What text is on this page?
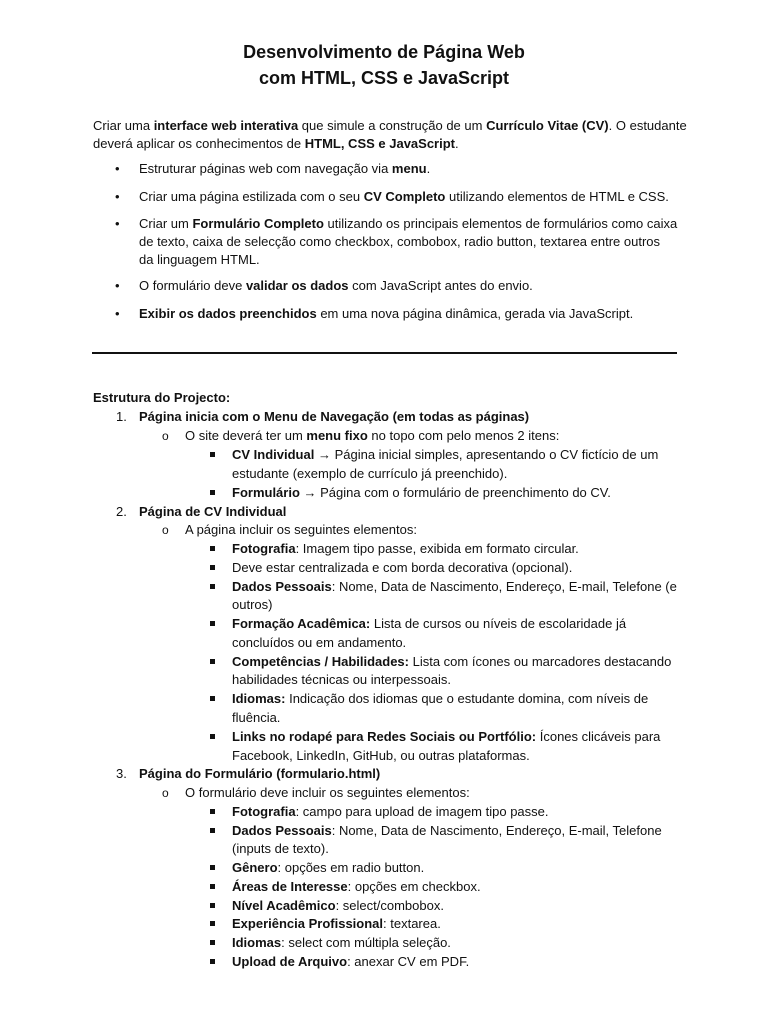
Desenvolvimento de Página Web
com HTML, CSS e JavaScript

Criar uma interface web interativa que simule a construção de um Currículo Vitae (CV). O estudante
deverá aplicar os conhecimentos de HTML, CSS e JavaScript.

• Estruturar páginas web com navegação via menu.
• Criar uma página estilizada com o seu CV Completo utilizando elementos de HTML e CSS.
• Criar um Formulário Completo utilizando os principais elementos de formulários como caixa
de texto, caixa de selecção como checkbox, combobox, radio button, textarea entre outros
da linguagem HTML.
• O formulário deve validar os dados com JavaScript antes do envio.
• Exibir os dados preenchidos em uma nova página dinâmica, gerada via JavaScript.
Estrutura do Projecto:
1. Página inicia com o Menu de Navegação (em todas as páginas)
o O site deverá ter um menu fixo no topo com pelo menos 2 itens:
CV Individual → Página inicial simples, apresentando o CV fictício de um
estudante (exemplo de currículo já preenchido).
Formulário → Página com o formulário de preenchimento do CV.
2. Página de CV Individual
o A página incluir os seguintes elementos:
Fotografia: Imagem tipo passe, exibida em formato circular.
Deve estar centralizada e com borda decorativa (opcional).
Dados Pessoais: Nome, Data de Nascimento, Endereço, E-mail, Telefone (e
outros)
Formação Acadêmica: Lista de cursos ou níveis de escolaridade já
concluídos ou em andamento.
Competências / Habilidades: Lista com ícones ou marcadores destacando
habilidades técnicas ou interpessoais.
Idiomas: Indicação dos idiomas que o estudante domina, com níveis de
fluência.
Links no rodapé para Redes Sociais ou Portfólio: Ícones clicáveis para
Facebook, LinkedIn, GitHub, ou outras plataformas.
3. Página do Formulário (formulario.html)
o O formulário deve incluir os seguintes elementos:
Fotografia: campo para upload de imagem tipo passe.
Dados Pessoais: Nome, Data de Nascimento, Endereço, E-mail, Telefone
(inputs de texto).
Gênero: opções em radio button.
Áreas de Interesse: opções em checkbox.
Nível Acadêmico: select/combobox.
Experiência Profissional: textarea.
Idiomas: select com múltipla seleção.
Upload de Arquivo: anexar CV em PDF.
